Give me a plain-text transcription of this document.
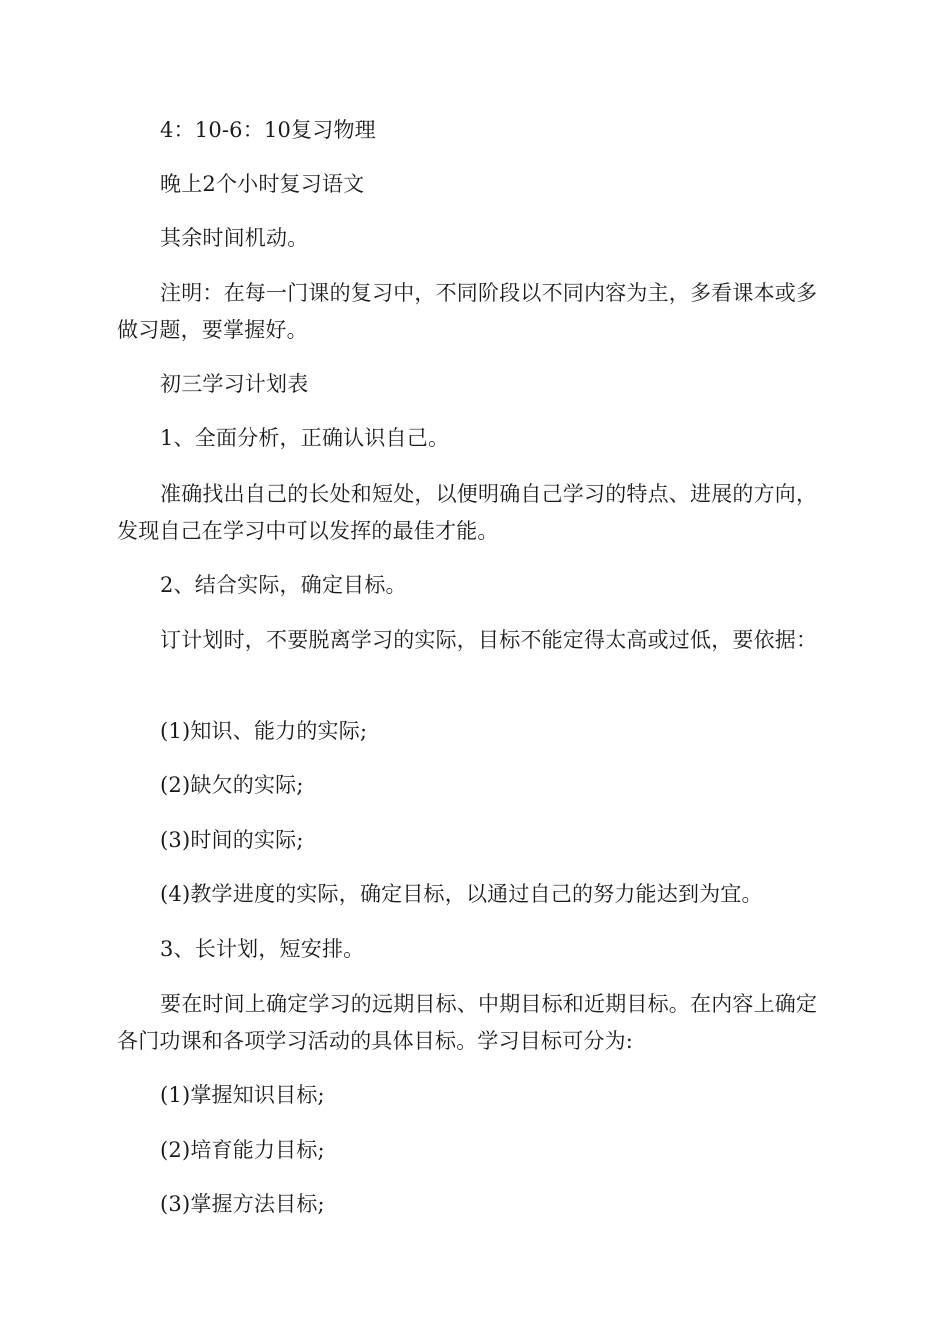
4：10-6：10复习物理

晚上2个小时复习语文

其余时间机动。

注明：在每一门课的复习中，不同阶段以不同内容为主，多看课本或多做习题，要掌握好。

初三学习计划表

1、全面分析，正确认识自己。

准确找出自己的长处和短处，以便明确自己学习的特点、进展的方向，发现自己在学习中可以发挥的最佳才能。

2、结合实际，确定目标。

订计划时，不要脱离学习的实际，目标不能定得太高或过低，要依据：

(1)知识、能力的实际;

(2)缺欠的实际;

(3)时间的实际;

(4)教学进度的实际，确定目标，以通过自己的努力能达到为宜。

3、长计划，短安排。

要在时间上确定学习的远期目标、中期目标和近期目标。在内容上确定各门功课和各项学习活动的具体目标。学习目标可分为:

(1)掌握知识目标;

(2)培育能力目标;

(3)掌握方法目标;
